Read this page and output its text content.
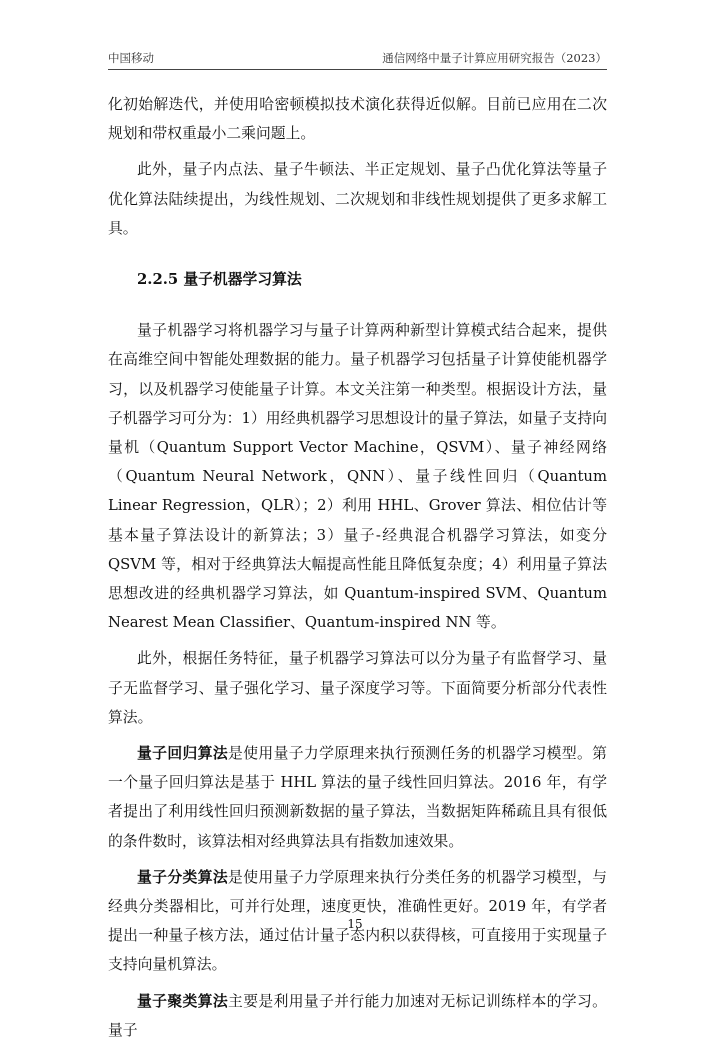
中国移动	通信网络中量子计算应用研究报告（2023）

化初始解迭代，并使用哈密顿模拟技术演化获得近似解。目前已应用在二次规划和带权重最小二乘问题上。

此外，量子内点法、量子牛顿法、半正定规划、量子凸优化算法等量子优化算法陆续提出，为线性规划、二次规划和非线性规划提供了更多求解工具。

2.2.5 量子机器学习算法

量子机器学习将机器学习与量子计算两种新型计算模式结合起来，提供在高维空间中智能处理数据的能力。量子机器学习包括量子计算使能机器学习，以及机器学习使能量子计算。本文关注第一种类型。根据设计方法，量子机器学习可分为：1）用经典机器学习思想设计的量子算法，如量子支持向量机（Quantum Support Vector Machine，QSVM）、量子神经网络（Quantum Neural Network，QNN）、量子线性回归（Quantum Linear Regression，QLR）；2）利用 HHL、Grover 算法、相位估计等基本量子算法设计的新算法；3）量子-经典混合机器学习算法，如变分 QSVM 等，相对于经典算法大幅提高性能且降低复杂度；4）利用量子算法思想改进的经典机器学习算法，如 Quantum-inspired SVM、Quantum Nearest Mean Classifier、Quantum-inspired NN 等。

此外，根据任务特征，量子机器学习算法可以分为量子有监督学习、量子无监督学习、量子强化学习、量子深度学习等。下面简要分析部分代表性算法。

量子回归算法是使用量子力学原理来执行预测任务的机器学习模型。第一个量子回归算法是基于 HHL 算法的量子线性回归算法。2016 年，有学者提出了利用线性回归预测新数据的量子算法，当数据矩阵稀疏且具有很低的条件数时，该算法相对经典算法具有指数加速效果。

量子分类算法是使用量子力学原理来执行分类任务的机器学习模型，与经典分类器相比，可并行处理，速度更快，准确性更好。2019 年，有学者提出一种量子核方法，通过估计量子态内积以获得核，可直接用于实现量子支持向量机算法。

量子聚类算法主要是利用量子并行能力加速对无标记训练样本的学习。量子

15
